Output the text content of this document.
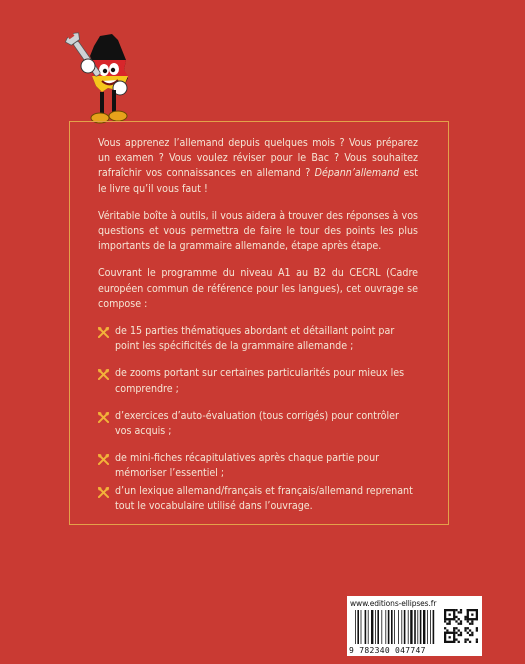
Vous apprenez l’allemand depuis quelques mois ? Vous préparez un examen ? Vous voulez réviser pour le Bac ? Vous souhaitez rafraîchir vos connaissances en allemand ? Dépann’allemand est le livre qu’il vous faut !

Véritable boîte à outils, il vous aidera à trouver des réponses à vos questions et vous permettra de faire le tour des points les plus importants de la grammaire allemande, étape après étape.

Couvrant le programme du niveau A1 au B2 du CECRL (Cadre européen commun de référence pour les langues), cet ouvrage se compose :

de 15 parties thématiques abordant et détaillant point par point les spécificités de la grammaire allemande ;
de zooms portant sur certaines particularités pour mieux les comprendre ;
d’exercices d’auto-évaluation (tous corrigés) pour contrôler vos acquis ;
de mini-fiches récapitulatives après chaque partie pour mémoriser l’essentiel ;
d’un lexique allemand/français et français/allemand reprenant tout le vocabulaire utilisé dans l’ouvrage.
www.editions-ellipses.fr
9 782340 047747
